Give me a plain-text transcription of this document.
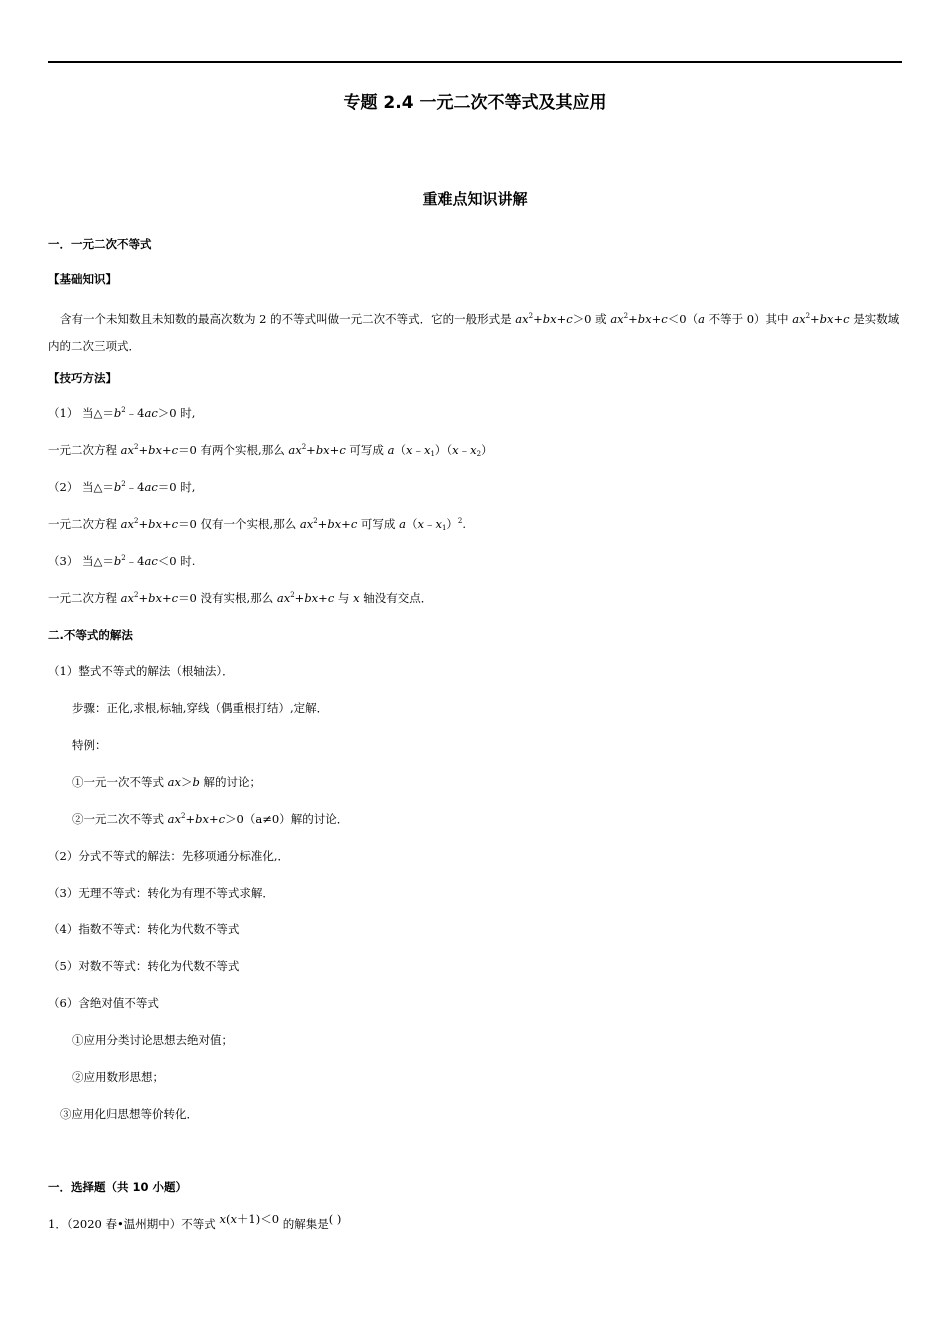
专题 2.4 一元二次不等式及其应用
重难点知识讲解
一．一元二次不等式
【基础知识】
含有一个未知数且未知数的最高次数为 2 的不等式叫做一元二次不等式．它的一般形式是 $ax^2+bx+c>0$ 或 $ax^2+bx+c<0(a$ 不等于 0）其中 $ax^2+bx+c$ 是实数域内的二次三项式．
【技巧方法】
（1） 当$\triangle=b^2﹣4ac>0$ 时,
一元二次方程 $ax^2+bx+c=0$ 有两个实根,那么 $ax^2+bx+c$ 可写成 $a(x﹣x_1)(x﹣x_2)$
（2） 当$\triangle=b^2﹣4ac=0$ 时,
一元二次方程 $ax^2+bx+c=0$ 仅有一个实根,那么 $ax^2+bx+c$ 可写成 $a(x﹣x_1)^2$.
（3） 当$\triangle=b^2﹣4ac<0$ 时.
一元二次方程 $ax^2+bx+c=0$ 没有实根,那么 $ax^2+bx+c$ 与 x 轴没有交点．
二.不等式的解法
（1）整式不等式的解法（根轴法）．
步骤：正化,求根,标轴,穿线（偶重根打结）,定解．
特例：
①一元一次不等式 ax＞b 解的讨论；
②一元二次不等式 $ax^2+bx+c>0(a\ne 0)$解的讨论．
（2）分式不等式的解法：先移项通分标准化,．
（3）无理不等式：转化为有理不等式求解．
（4）指数不等式：转化为代数不等式
（5）对数不等式：转化为代数不等式
（6）含绝对值不等式
①应用分类讨论思想去绝对值；
②应用数形思想；
③应用化归思想等价转化．
一．选择题（共 10 小题）
1．（2020 春•温州期中）不等式 x(x＋1)＜0 的解集是( )
